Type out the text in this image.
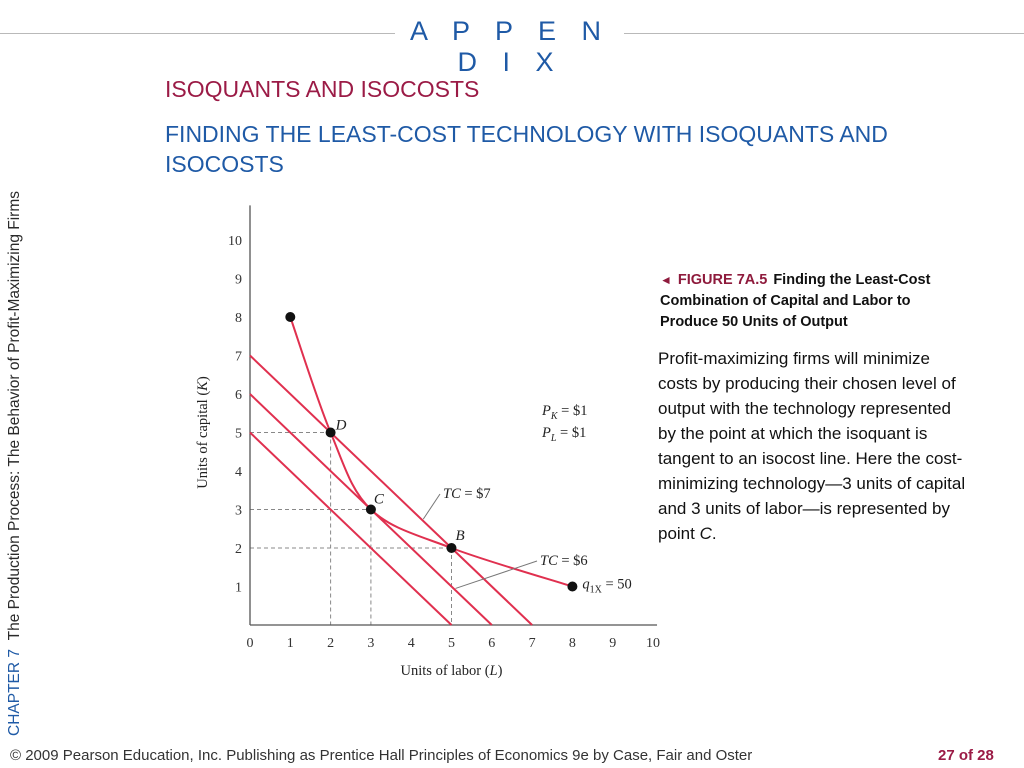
A P P E N D I X
CHAPTER 7  The Production Process: The Behavior of Profit-Maximizing Firms
ISOQUANTS AND ISOCOSTS
FINDING THE LEAST-COST TECHNOLOGY WITH ISOQUANTS AND ISOCOSTS
0 1 2 3 4 5 6 7 8 9 10
1
2
3
4
5
6
7
8
9
10
Units of labor (L)
Units of capital (K)
D
C
B
$P_K$ = $1
$P_L$ = $1
TC = $6
TC = $7
$q_{1X} = 50$
◄ FIGURE 7A.5 Finding the Least-Cost Combination of Capital and Labor to Produce 50 Units of Output
Profit-maximizing firms will minimize costs by producing their chosen level of output with the technology represented by the point at which the isoquant is tangent to an isocost line. Here the cost-minimizing technology—3 units of capital and 3 units of labor—is represented by point C.
© 2009 Pearson Education, Inc. Publishing as Prentice Hall Principles of Economics 9e by Case, Fair and Oster	27 of 28
